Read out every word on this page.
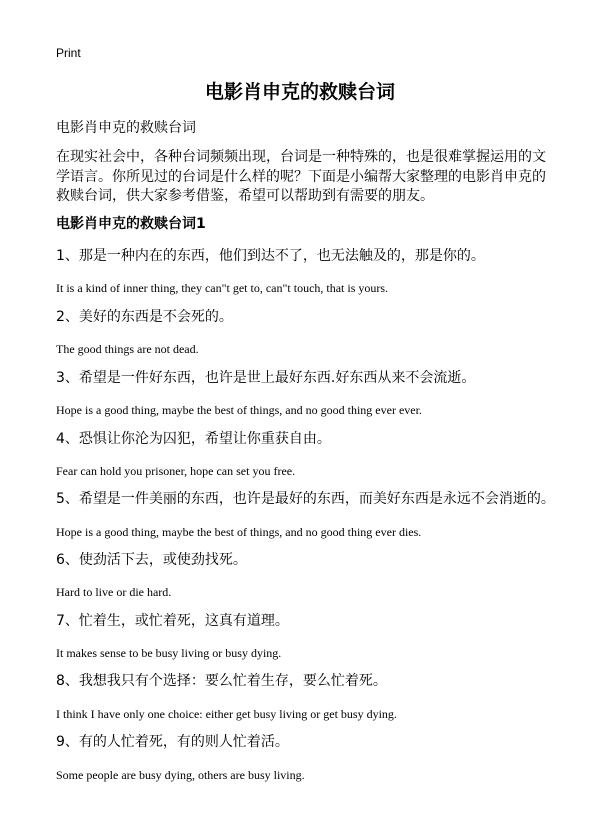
Print
电影肖申克的救赎台词
电影肖申克的救赎台词

在现实社会中，各种台词频频出现，台词是一种特殊的，也是很难掌握运用的文学语言。你所见过的台词是什么样的呢？下面是小编帮大家整理的电影肖申克的救赎台词，供大家参考借鉴，希望可以帮助到有需要的朋友。

电影肖申克的救赎台词1
1、那是一种内在的东西，他们到达不了，也无法触及的，那是你的。
It is a kind of inner thing, they can"t get to, can"t touch, that is yours.
2、美好的东西是不会死的。
The good things are not dead.
3、希望是一件好东西，也许是世上最好东西.好东西从来不会流逝。
Hope is a good thing, maybe the best of things, and no good thing ever ever.
4、恐惧让你沦为囚犯，希望让你重获自由。
Fear can hold you prisoner, hope can set you free.
5、希望是一件美丽的东西，也许是最好的东西，而美好东西是永远不会消逝的。
Hope is a good thing, maybe the best of things, and no good thing ever dies.
6、使劲活下去，或使劲找死。
Hard to live or die hard.
7、忙着生，或忙着死，这真有道理。
It makes sense to be busy living or busy dying.
8、我想我只有个选择：要么忙着生存，要么忙着死。
I think I have only one choice: either get busy living or get busy dying.
9、有的人忙着死，有的则人忙着活。
Some people are busy dying, others are busy living.
